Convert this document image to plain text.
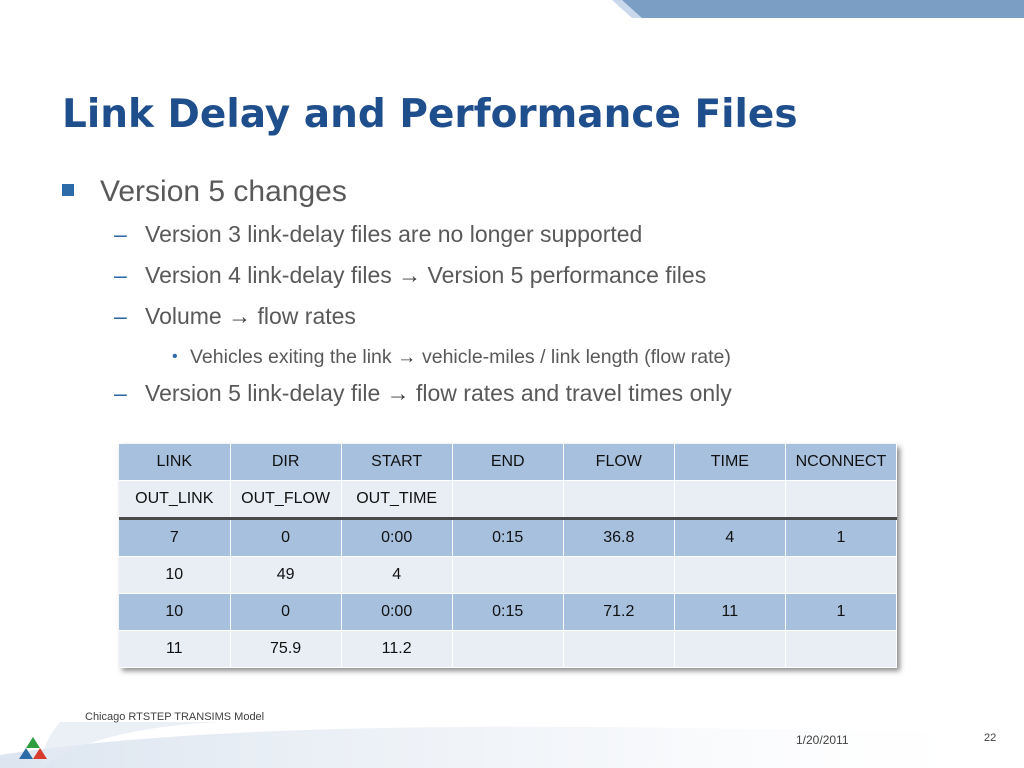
Link Delay and Performance Files
Version 5 changes
– Version 3 link-delay files are no longer supported
– Version 4 link-delay files → Version 5 performance files
– Volume → flow rates
• Vehicles exiting the link → vehicle-miles / link length (flow rate)
– Version 5 link-delay file → flow rates and travel times only
LINK	DIR	START	END	FLOW	TIME	NCONNECT
OUT_LINK	OUT_FLOW	OUT_TIME				
7	0	0:00	0:15	36.8	4	1
10	49	4				
10	0	0:00	0:15	71.2	11	1
11	75.9	11.2				
Chicago RTSTEP TRANSIMS Model
1/20/2011	22
